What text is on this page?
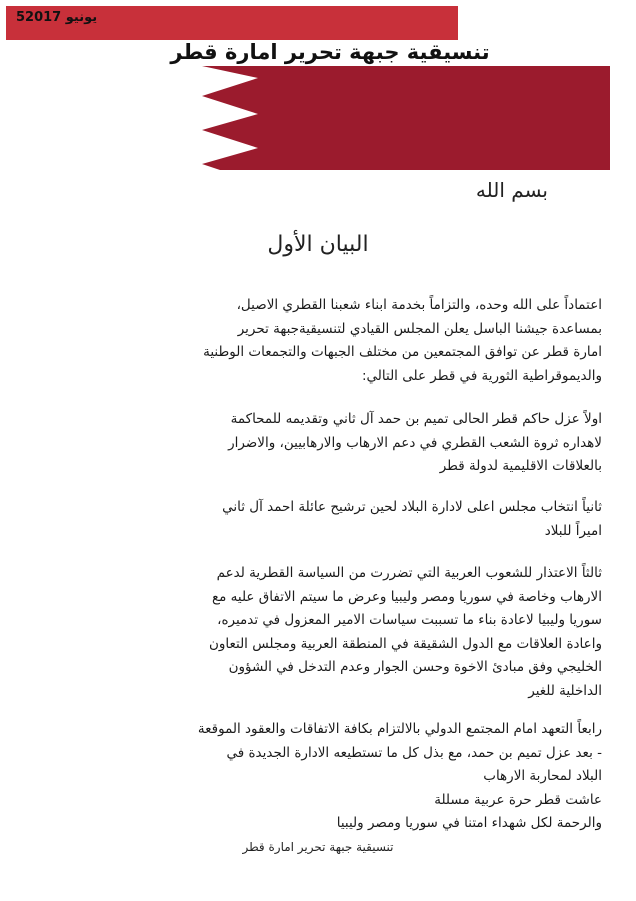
5يونيو 2017
تنسيقية جبهة تحرير امارة قطر
بسم الله
البيان الأول
اعتماداً على الله وحده، والتزاماً بخدمة ابناء شعبنا القطري الاصيل،
بمساعدة جيشنا الباسل يعلن المجلس القيادي لتنسيقيةجبهة تحرير
امارة قطر عن توافق المجتمعين من مختلف الجبهات والتجمعات الوطنية
والديموقراطية الثورية في قطر على التالي:
اولاً عزل حاكم قطر الحالى تميم بن حمد آل ثاني وتقديمه للمحاكمة
لاهداره ثروة الشعب القطري في دعم الارهاب والارهابيين، والاضرار
بالعلاقات الاقليمية لدولة قطر
ثانياً انتخاب مجلس اعلى لادارة البلاد لحين ترشيح عائلة احمد آل ثاني
اميراً للبلاد
ثالثاً الاعتذار للشعوب العربية التي تضررت من السياسة القطرية لدعم
الارهاب وخاصة في سوريا ومصر وليبيا وعرض ما سيتم الاتفاق عليه مع
سوريا وليبيا لاعادة بناء ما تسببت سياسات الامير المعزول في تدميره،
واعادة العلاقات مع الدول الشقيقة في المنطقة العربية ومجلس التعاون
الخليجي وفق مبادئ الاخوة وحسن الجوار وعدم التدخل في الشؤون
الداخلية للغير
رابعاً التعهد امام المجتمع الدولي بالالتزام بكافة الاتفاقات والعقود الموقعة
- بعد عزل تميم بن حمد، مع بذل كل ما تستطيعه الادارة الجديدة في
البلاد لمحاربة الارهاب
عاشت قطر حرة عربية مسللة
والرحمة لكل شهداء امتنا في سوريا ومصر وليبيا
تنسيقية جبهة تحرير امارة قطر
